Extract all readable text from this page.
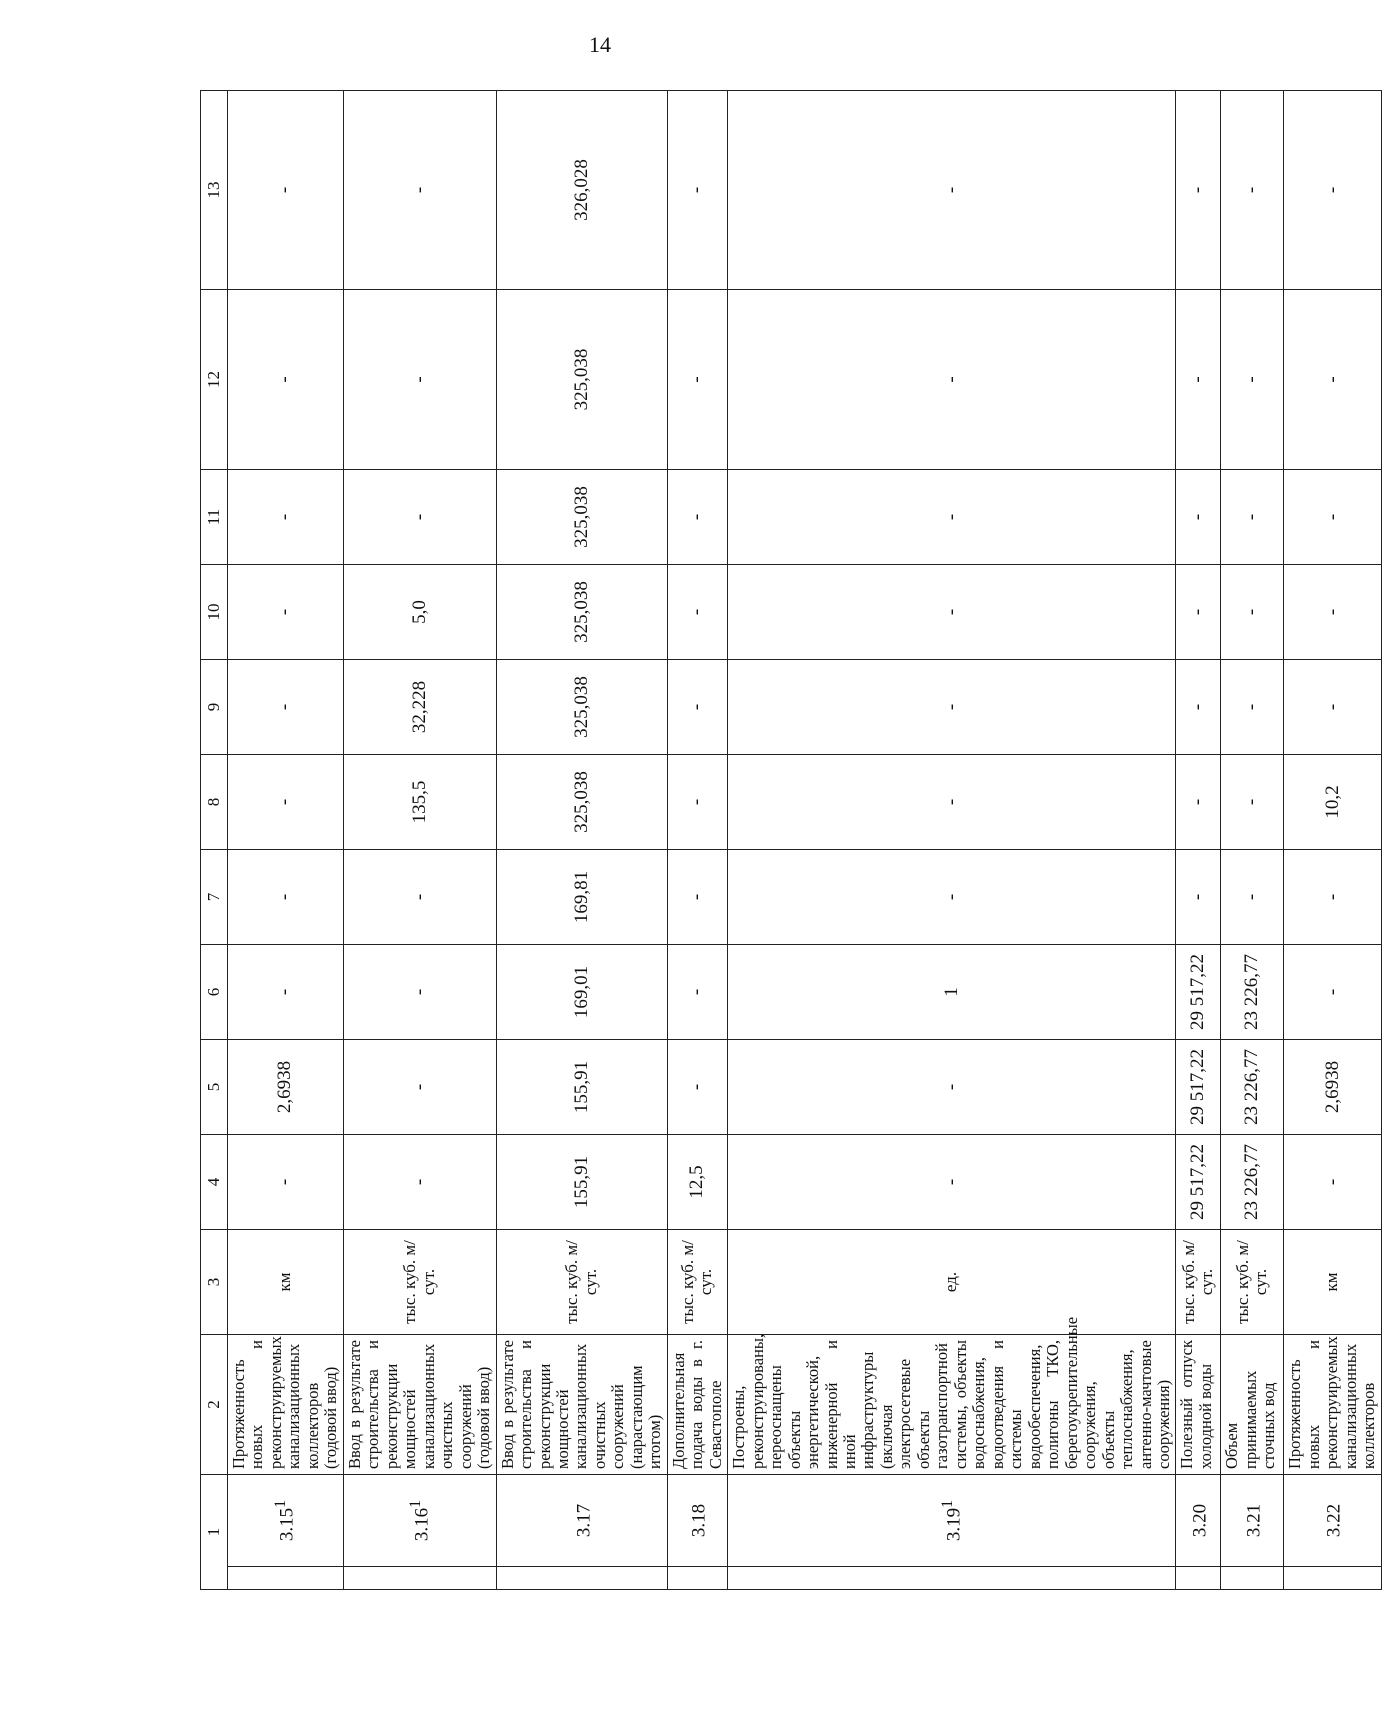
14
1		2	3	4	5	6	7	8	9	10	11	12	13
	3.15$^1$	Протяженность новых и реконструируемых канализационных коллекторов (годовой ввод)	км	-	2,6938	-	-	-	-	-	-	-	-
	3.16$^1$	Ввод в результате строительства и реконструкции мощностей канализационных очистных сооружений (годовой ввод)	тыс. куб. м/сут.	-	-	-	-	135,5	32,228	5,0	-	-	-
	3.17	Ввод в результате строительства и реконструкции мощностей канализационных очистных сооружений (нарастающим итогом)	тыс. куб. м/сут.	155,91	155,91	169,01	169,81	325,038	325,038	325,038	325,038	325,038	326,028
	3.18	Дополнительная подача воды в г. Севастополе	тыс. куб. м/сут.	12,5	-	-	-	-	-	-	-	-	-
	3.19$^1$	Построены, реконструированы, переоснащены объекты энергетической, инженерной и иной инфраструктуры (включая электросетевые объекты газотранспортной системы, объекты водоснабжения, водоотведения и системы водообеспечения, полигоны ТКО, берегоукрепительные сооружения, объекты теплоснабжения, антенно-мачтовые сооружения)	ед.	-	-	1	-	-	-	-	-	-	-
	3.20	Полезный отпуск холодной воды	тыс. куб. м/сут.	29 517,22	29 517,22	29 517,22	-	-	-	-	-	-	-
	3.21	Объем принимаемых сточных вод	тыс. куб. м/сут.	23 226,77	23 226,77	23 226,77	-	-	-	-	-	-	-
	3.22	Протяженность новых и реконструируемых канализационных коллекторов	км	-	2,6938	-	-	10,2	-	-	-	-	-
